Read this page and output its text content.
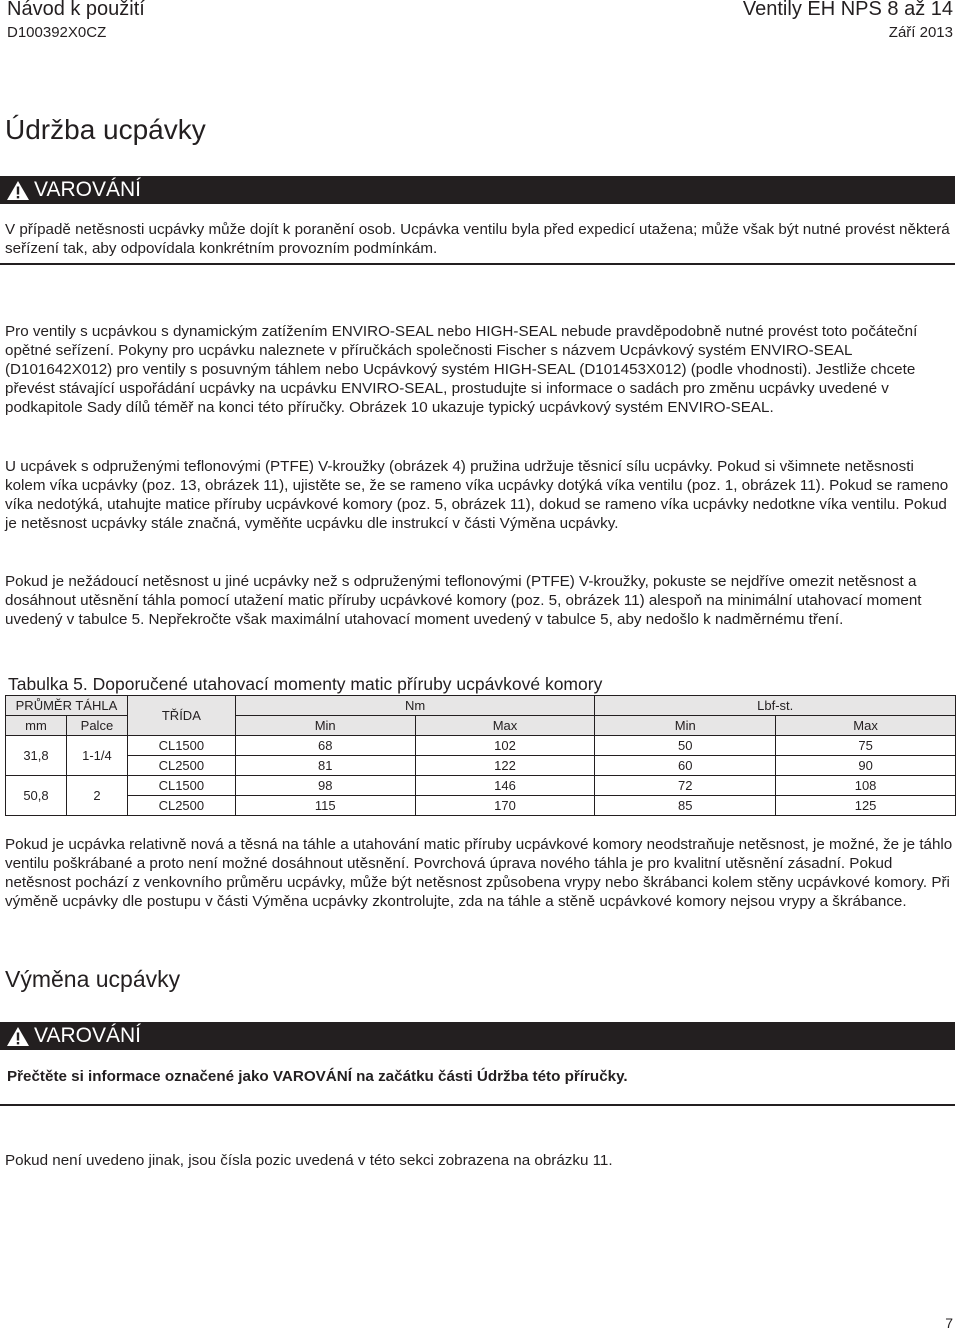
Návod k použití
D100392X0CZ
Ventily EH NPS 8 až 14
Září 2013
Údržba ucpávky
VAROVÁNÍ

V případě netěsnosti ucpávky může dojít k poranění osob. Ucpávka ventilu byla před expedicí utažena; může však být nutné provést některá seřízení tak, aby odpovídala konkrétním provozním podmínkám.

Pro ventily s ucpávkou s dynamickým zatížením ENVIRO-SEAL nebo HIGH-SEAL nebude pravděpodobně nutné provést toto počáteční opětné seřízení. Pokyny pro ucpávku naleznete v příručkách společnosti Fischer s názvem Ucpávkový systém ENVIRO-SEAL (D101642X012) pro ventily s posuvným táhlem nebo Ucpávkový systém HIGH-SEAL (D101453X012) (podle vhodnosti). Jestliže chcete převést stávající uspořádání ucpávky na ucpávku ENVIRO-SEAL, prostudujte si informace o sadách pro změnu ucpávky uvedené v podkapitole Sady dílů téměř na konci této příručky. Obrázek 10 ukazuje typický ucpávkový systém ENVIRO-SEAL.

U ucpávek s odpruženými teflonovými (PTFE) V-kroužky (obrázek 4) pružina udržuje těsnicí sílu ucpávky. Pokud si všimnete netěsnosti kolem víka ucpávky (poz. 13, obrázek 11), ujistěte se, že se rameno víka ucpávky dotýká víka ventilu (poz. 1, obrázek 11). Pokud se rameno víka nedotýká, utahujte matice příruby ucpávkové komory (poz. 5, obrázek 11), dokud se rameno víka ucpávky nedotkne víka ventilu. Pokud je netěsnost ucpávky stále značná, vyměňte ucpávku dle instrukcí v části Výměna ucpávky.

Pokud je nežádoucí netěsnost u jiné ucpávky než s odpruženými teflonovými (PTFE) V-kroužky, pokuste se nejdříve omezit netěsnost a dosáhnout utěsnění táhla pomocí utažení matic příruby ucpávkové komory (poz. 5, obrázek 11) alespoň na minimální utahovací moment uvedený v tabulce 5. Nepřekročte však maximální utahovací moment uvedený v tabulce 5, aby nedošlo k nadměrnému tření.

Tabulka 5. Doporučené utahovací momenty matic příruby ucpávkové komory
PRŮMĚR TÁHLA		TŘÍDA	Nm		Lbf-st.	
mm	Palce		Min	Max	Min	Max
31,8	1-1/4	CL1500	68	102	50	75
		CL2500	81	122	60	90
50,8	2	CL1500	98	146	72	108
		CL2500	115	170	85	125

Pokud je ucpávka relativně nová a těsná na táhle a utahování matic příruby ucpávkové komory neodstraňuje netěsnost, je možné, že je táhlo ventilu poškrábané a proto není možné dosáhnout utěsnění. Povrchová úprava nového táhla je pro kvalitní utěsnění zásadní. Pokud netěsnost pochází z venkovního průměru ucpávky, může být netěsnost způsobena vrypy nebo škrábanci kolem stěny ucpávkové komory. Při výměně ucpávky dle postupu v části Výměna ucpávky zkontrolujte, zda na táhle a stěně ucpávkové komory nejsou vrypy a škrábance.

Výměna ucpávky
VAROVÁNÍ

Přečtěte si informace označené jako VAROVÁNÍ na začátku části Údržba této příručky.

Pokud není uvedeno jinak, jsou čísla pozic uvedená v této sekci zobrazena na obrázku 11.

7
